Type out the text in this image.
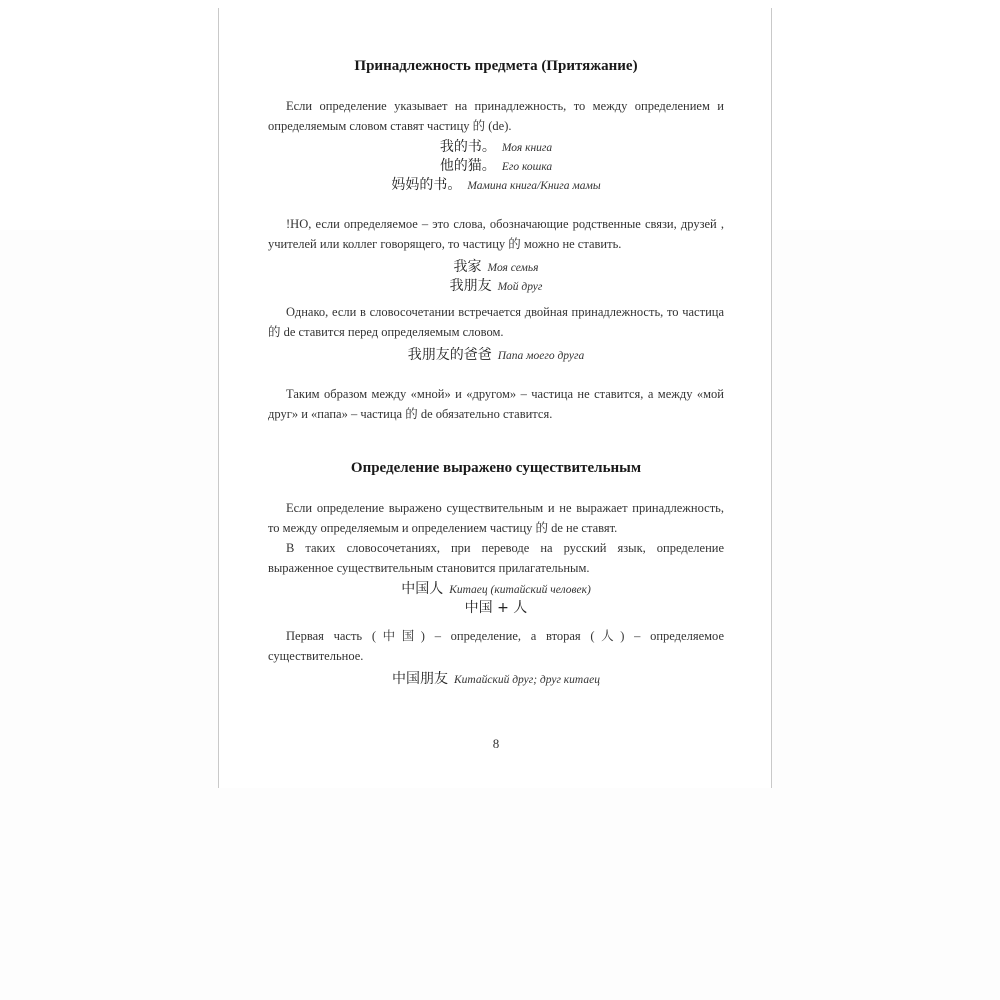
Принадлежность предмета (Притяжание)
Если определение указывает на принадлежность, то между определением и определяемым словом ставят частицу 的 (de).
我的书。 Моя книга
他的猫。 Его кошка
妈妈的书。 Мамина книга/Книга мамы
!НО, если определяемое – это слова, обозначающие родственные связи, друзей , учителей или коллег говорящего, то частицу 的 можно не ставить.
我家 Моя семья
我朋友 Мой друг
Однако, если в словосочетании встречается двойная принадлежность, то частица 的 de ставится перед определяемым словом.
我朋友的爸爸 Папа моего друга
Таким образом между «мной» и «другом» – частица не ставится, а между «мой друг» и «папа» – частица 的 de обязательно ставится.
Определение выражено существительным
Если определение выражено существительным и не выражает принадлежность, то между определяемым и определением частицу 的 de не ставят.
В таких словосочетаниях, при переводе на русский язык, определение выраженное существительным становится прилагательным.
中国人 Китаец (китайский человек)
中国 + 人
Первая часть (中国) – определение, а вторая (人) – определяемое существительное.
中国朋友 Китайский друг; друг китаец
8
